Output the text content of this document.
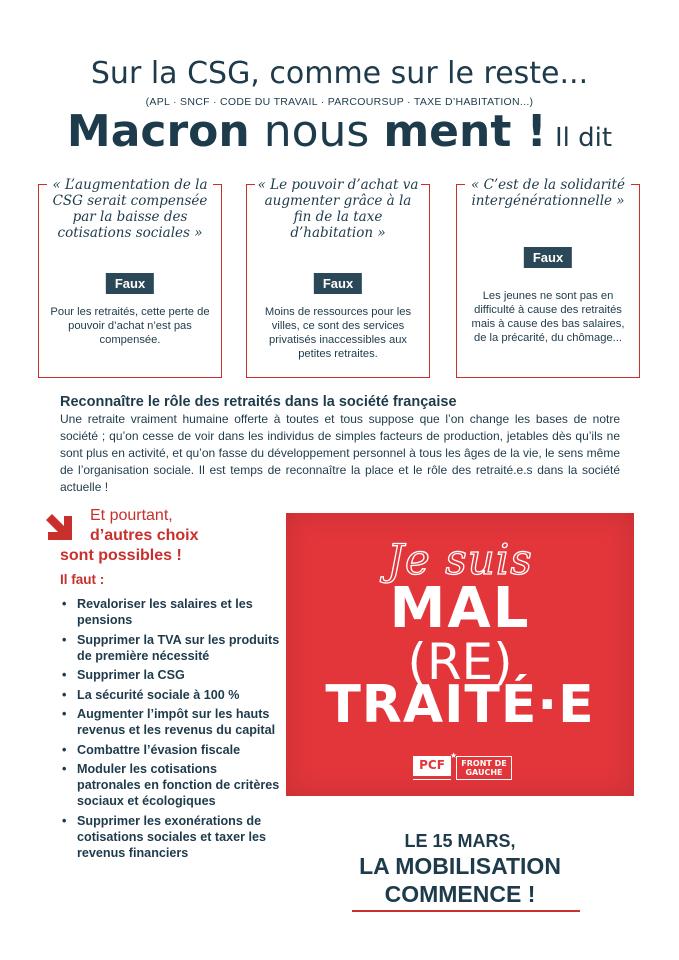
Sur la CSG, comme sur le reste...
(APL · SNCF · CODE DU TRAVAIL · PARCOURSUP · TAXE D’HABITATION...)
Macron nous ment ! Il dit
« L’augmentation de la CSG serait compensée par la baisse des cotisations sociales »
Faux
Pour les retraités, cette perte de pouvoir d’achat n’est pas compensée.
« Le pouvoir d’achat va augmenter grâce à la fin de la taxe d’habitation »
Faux
Moins de ressources pour les villes, ce sont des services privatisés inaccessibles aux petites retraites.
« C’est de la solidarité intergénérationnelle »
Faux
Les jeunes ne sont pas en difficulté à cause des retraités mais à cause des bas salaires, de la précarité, du chômage...
Reconnaître le rôle des retraités dans la société française
Une retraite vraiment humaine offerte à toutes et tous suppose que l’on change les bases de notre société ; qu’on cesse de voir dans les individus de simples facteurs de production, jetables dès qu’ils ne sont plus en activité, et qu’on fasse du développement personnel à tous les âges de la vie, le sens même de l’organisation sociale. Il est temps de reconnaître la place et le rôle des retraité.e.s dans la société actuelle !
Et pourtant,
d’autres choix
sont possibles !
Il faut :
• Revaloriser les salaires et les pensions
• Supprimer la TVA sur les produits de première nécessité
• Supprimer la CSG
• La sécurité sociale à 100 %
• Augmenter l’impôt sur les hauts revenus et les revenus du capital
• Combattre l’évasion fiscale
• Moduler les cotisations patronales en fonction de critères sociaux et écologiques
• Supprimer les exonérations de cotisations sociales et taxer les revenus financiers
Je suis
MAL
(RE)
TRAITÉ·E
PCF
★
FRONT DE GAUCHE
LE 15 MARS,
LA MOBILISATION
COMMENCE !
